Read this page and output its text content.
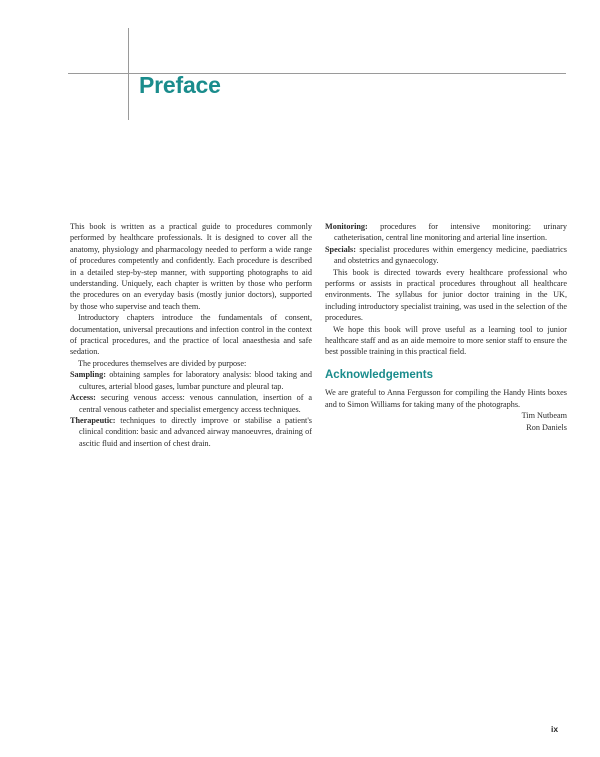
Preface

This book is written as a practical guide to procedures commonly performed by healthcare professionals. It is designed to cover all the anatomy, physiology and pharmacology needed to perform a wide range of procedures competently and confidently. Each procedure is described in a detailed step-by-step manner, with supporting photographs to aid understanding. Uniquely, each chapter is written by those who perform the procedures on an everyday basis (mostly junior doctors), supported by those who supervise and teach them.

Introductory chapters introduce the fundamentals of consent, documentation, universal precautions and infection control in the context of practical procedures, and the practice of local anaesthesia and safe sedation.

The procedures themselves are divided by purpose:

Sampling: obtaining samples for laboratory analysis: blood taking and cultures, arterial blood gases, lumbar puncture and pleural tap.

Access: securing venous access: venous cannulation, insertion of a central venous catheter and specialist emergency access techniques.

Therapeutic: techniques to directly improve or stabilise a patient's clinical condition: basic and advanced airway manoeuvres, draining of ascitic fluid and insertion of chest drain.

Monitoring: procedures for intensive monitoring: urinary catheterisation, central line monitoring and arterial line insertion.

Specials: specialist procedures within emergency medicine, paediatrics and obstetrics and gynaecology.

This book is directed towards every healthcare professional who performs or assists in practical procedures throughout all healthcare environments. The syllabus for junior doctor training in the UK, including introductory specialist training, was used in the selection of the procedures.

We hope this book will prove useful as a learning tool to junior healthcare staff and as an aide memoire to more senior staff to ensure the best possible training in this practical field.

Acknowledgements

We are grateful to Anna Fergusson for compiling the Handy Hints boxes and to Simon Williams for taking many of the photographs.

Tim Nutbeam

Ron Daniels

ix
